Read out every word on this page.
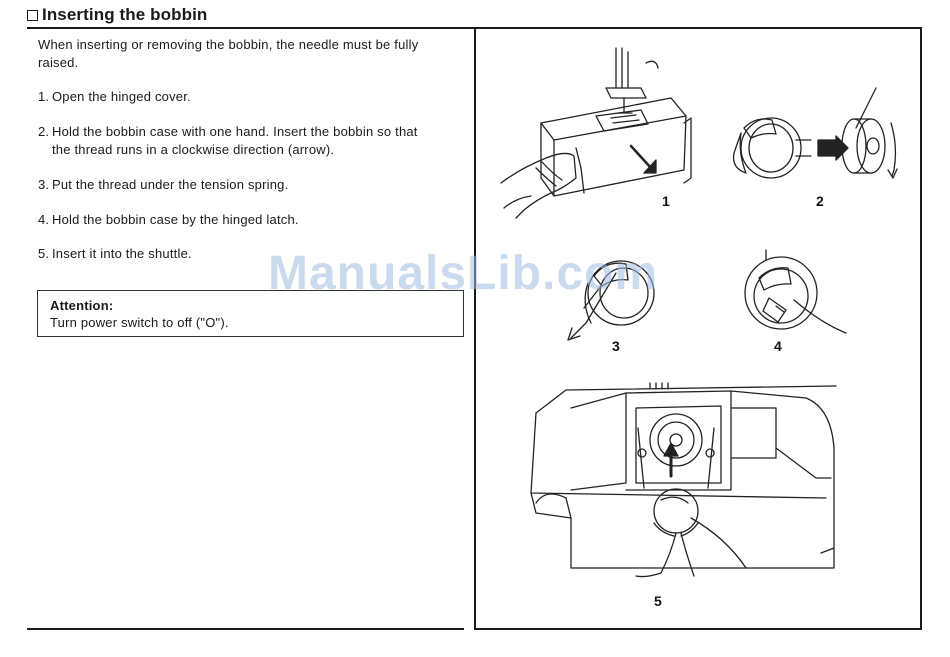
Inserting the bobbin

When inserting or removing the bobbin, the needle must be fully

raised.

1. Open the hinged cover.
2. Hold the bobbin case with one hand. Insert the bobbin so that
the thread runs in a clockwise direction (arrow).
3. Put the thread under the tension spring.
4. Hold the bobbin case by the hinged latch.
5. Insert it into the shuttle.
Attention:
Turn power switch to off ("O").
1	2
3	4
5
ManualsLib.com
